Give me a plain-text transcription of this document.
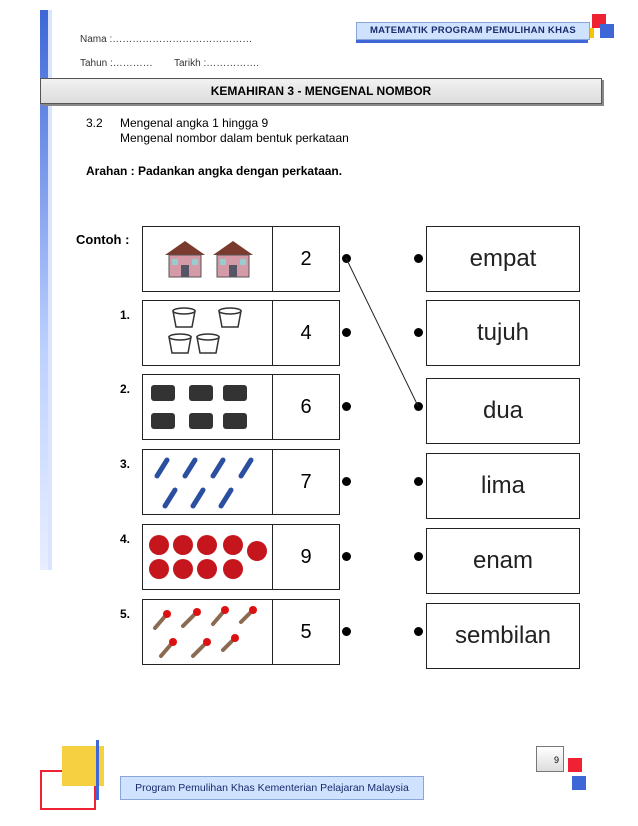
Nama :……………………………………
Tahun :………… Tarikh :…………….
MATEMATIK PROGRAM PEMULIHAN KHAS
KEMAHIRAN 3 - MENGENAL NOMBOR
3.2 Mengenal angka 1 hingga 9
Mengenal nombor dalam bentuk perkataan
Arahan : Padankan angka dengan perkataan.
Contoh :
1.
2.
3.
4.
5.
2
4
6
7
9
5
empat
tujuh
dua
lima
enam
sembilan
Program Pemulihan Khas Kementerian Pelajaran Malaysia
9
